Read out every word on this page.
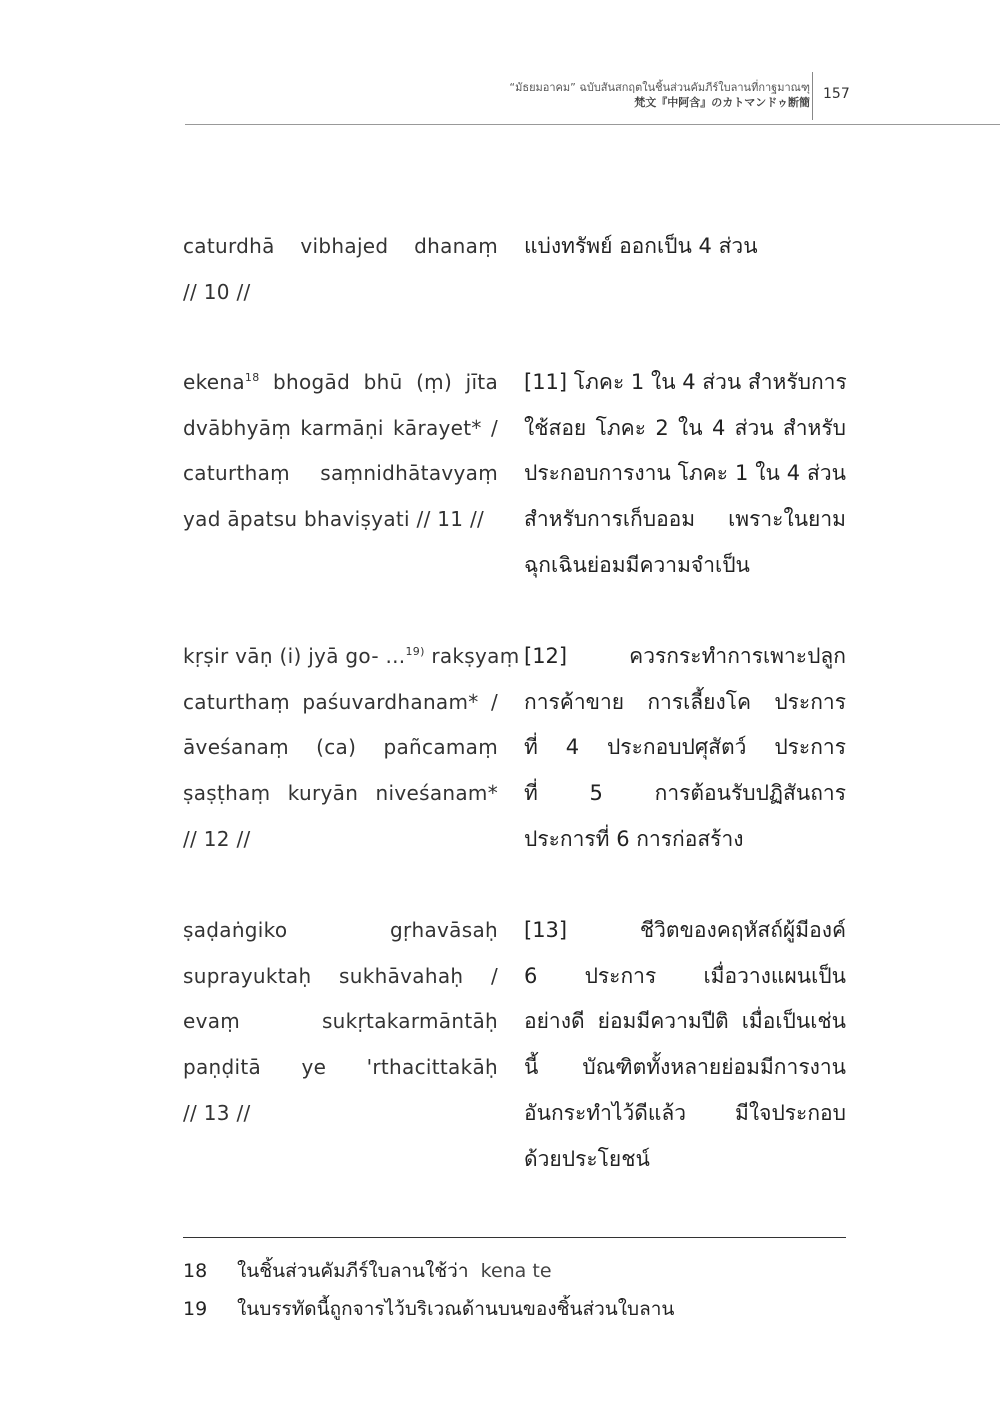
“มัธยมอาคม” ฉบับสันสกฤตในชิ้นส่วนคัมภีร์ใบลานที่กาฐมาณฑุ
梵文『中阿含』のカトマンドゥ断簡
157
caturdhā vibhajed dhanaṃ
// 10 //
แบ่งทรัพย์ ออกเป็น 4 ส่วน
ekena$^{18}$ bhogād bhū (ṃ) jīta
dvābhyāṃ karmāṇi kārayet* /
caturthaṃ saṃnidhātavyaṃ
yad āpatsu bhaviṣyati // 11 //
[11] โภคะ 1 ใน 4 ส่วน สำหรับการ
ใช้สอย โภคะ 2 ใน 4 ส่วน สำหรับ
ประกอบการงาน โภคะ 1 ใน 4 ส่วน
สำหรับการเก็บออม เพราะในยาม
ฉุกเฉินย่อมมีความจำเป็น
kṛṣir vāṇ (i) jyā go- ...$^{19)}$ rakṣyaṃ
caturthaṃ paśuvardhanam* /
āveśanaṃ (ca) pañcamaṃ
ṣaṣṭhaṃ kuryān niveśanam*
// 12 //
[12] ควรกระทำการเพาะปลูก
การค้าขาย การเลี้ยงโค ประการ
ที่ 4 ประกอบปศุสัตว์ ประการ
ที่ 5 การต้อนรับปฏิสันถาร
ประการที่ 6 การก่อสร้าง
ṣaḍaṅgiko gṛhavāsaḥ
suprayuktaḥ sukhāvahaḥ /
evaṃ sukṛtakarmāntāḥ
paṇḍitā ye 'rthacittakāḥ
// 13 //
[13] ชีวิตของคฤหัสถ์ผู้มีองค์
6 ประการ เมื่อวางแผนเป็น
อย่างดี ย่อมมีความปีติ เมื่อเป็นเช่น
นี้ บัณฑิตทั้งหลายย่อมมีการงาน
อันกระทำไว้ดีแล้ว มีใจประกอบ
ด้วยประโยชน์
18 ในชิ้นส่วนคัมภีร์ใบลานใช้ว่า kena te
19 ในบรรทัดนี้ถูกจารไว้บริเวณด้านบนของชิ้นส่วนใบลาน
